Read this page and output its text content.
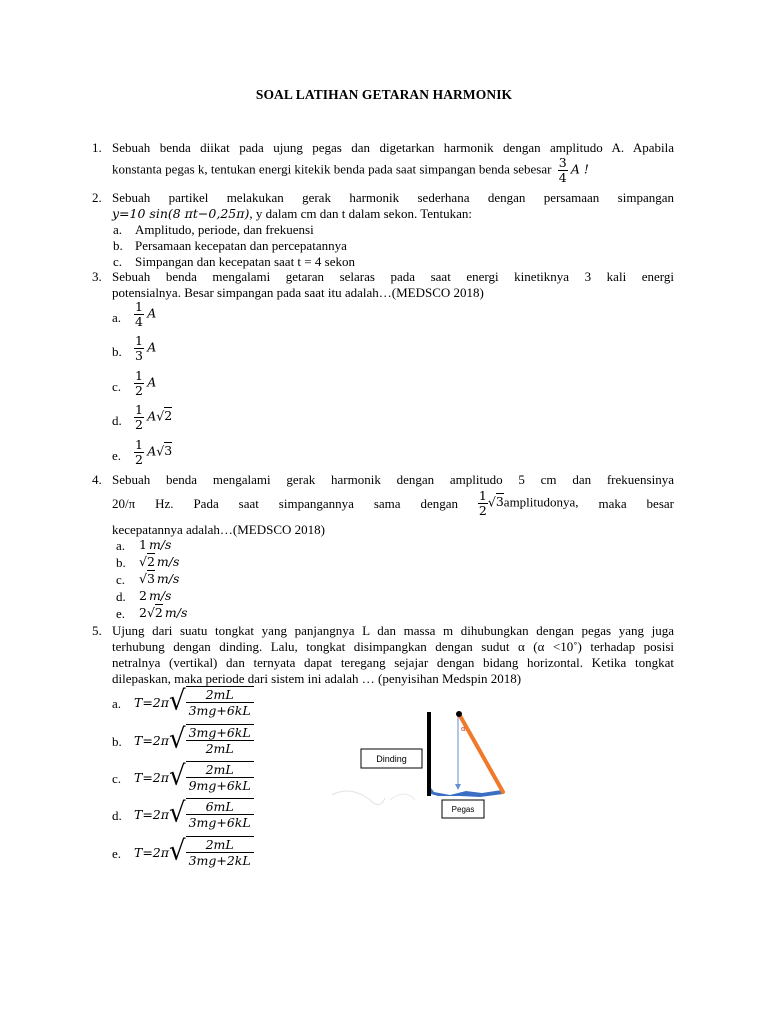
SOAL LATIHAN GETARAN HARMONIK
1. Sebuah benda diikat pada ujung pegas dan digetarkan harmonik dengan amplitudo A. Apabila
konstanta pegas k, tentukan energi kitekik benda pada saat simpangan benda sebesar $\frac{3}{4}$ A !
2. Sebuah partikel melakukan gerak harmonik sederhana dengan persamaan simpangan
y=10 sin⁡(8 πt−0,25π), y dalam cm dan t dalam sekon. Tentukan:
a. Amplitudo, periode, dan frekuensi
b. Persamaan kecepatan dan percepatannya
c. Simpangan dan kecepatan saat t = 4 sekon
3. Sebuah benda mengalami getaran selaras pada saat energi kinetiknya 3 kali energi
potensialnya. Besar simpangan pada saat itu adalah…(MEDSCO 2018)
a. $\frac{1}{4}$ A
b. $\frac{1}{3}$ A
c. $\frac{1}{2}$ A
d. $\frac{1}{2} A√2$
e. $\frac{1}{2} A√3$
4. Sebuah benda mengalami gerak harmonik dengan amplitudo 5 cm dan frekuensinya
20/π Hz. Pada saat simpangannya sama dengan $\frac{1}{2}$ √3amplitudonya, maka besar
kecepatannya adalah…(MEDSCO 2018)
a. 1 m/s
b. √2 m/s
c. √3 m/s
d. 2 m/s
e. 2√2 m/s
5. Ujung dari suatu tongkat yang panjangnya L dan massa m dihubungkan dengan pegas yang juga
terhubung dengan dinding. Lalu, tongkat disimpangkan dengan sudut α (α <10˚) terhadap posisi
netralnya (vertikal) dan ternyata dapat teregang sejajar dengan bidang horizontal. Ketika tongkat
dilepaskan, maka periode dari sistem ini adalah … (penyisihan Medspin 2018)
a. T=2π √ $\frac{2mL}{3mg+6kL}$
b. T=2π √ $\frac{3mg+6kL}{2mL}$
c. T=2π √ $\frac{2mL}{9mg+6kL}$
d. T=2π √ $\frac{6mL}{3mg+6kL}$
e. T=2π √ $\frac{2mL}{3mg+2kL}$
Dinding
α
Pegas
